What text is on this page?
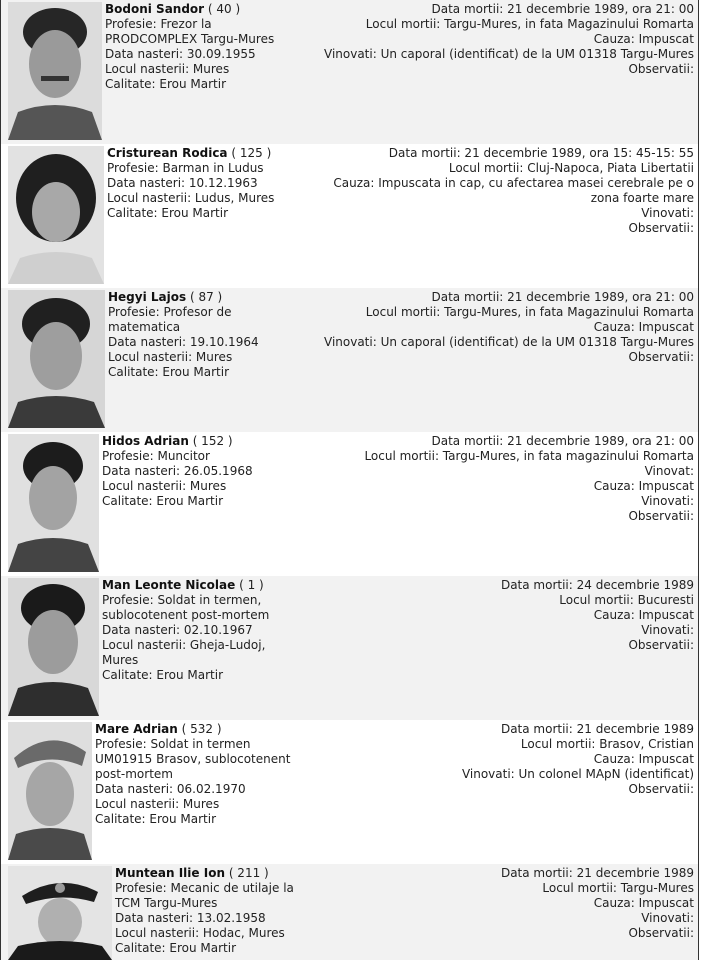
Bodoni Sandor ( 40 )
Profesie: Frezor la
PRODCOMPLEX Targu-Mures
Data nasteri: 30.09.1955
Locul nasterii: Mures
Calitate: Erou Martir
Data mortii: 21 decembrie 1989, ora 21: 00
Locul mortii: Targu-Mures, in fata Magazinului Romarta
Cauza: Impuscat
Vinovati: Un caporal (identificat) de la UM 01318 Targu-Mures
Observatii:
Cristurean Rodica ( 125 )
Profesie: Barman in Ludus
Data nasteri: 10.12.1963
Locul nasterii: Ludus, Mures
Calitate: Erou Martir
Data mortii: 21 decembrie 1989, ora 15: 45-15: 55
Locul mortii: Cluj-Napoca, Piata Libertatii
Cauza: Impuscata in cap, cu afectarea masei cerebrale pe o
zona foarte mare
Vinovati:
Observatii:
Hegyi Lajos ( 87 )
Profesie: Profesor de
matematica
Data nasteri: 19.10.1964
Locul nasterii: Mures
Calitate: Erou Martir
Data mortii: 21 decembrie 1989, ora 21: 00
Locul mortii: Targu-Mures, in fata Magazinului Romarta
Cauza: Impuscat
Vinovati: Un caporal (identificat) de la UM 01318 Targu-Mures
Observatii:
Hidos Adrian ( 152 )
Profesie: Muncitor
Data nasteri: 26.05.1968
Locul nasterii: Mures
Calitate: Erou Martir
Data mortii: 21 decembrie 1989, ora 21: 00
Locul mortii: Targu-Mures, in fata magazinului Romarta
Vinovat:
Cauza: Impuscat
Vinovati:
Observatii:
Man Leonte Nicolae ( 1 )
Profesie: Soldat in termen,
sublocotenent post-mortem
Data nasteri: 02.10.1967
Locul nasterii: Gheja-Ludoj,
Mures
Calitate: Erou Martir
Data mortii: 24 decembrie 1989
Locul mortii: Bucuresti
Cauza: Impuscat
Vinovati:
Observatii:
Mare Adrian ( 532 )
Profesie: Soldat in termen
UM01915 Brasov, sublocotenent
post-mortem
Data nasteri: 06.02.1970
Locul nasterii: Mures
Calitate: Erou Martir
Data mortii: 21 decembrie 1989
Locul mortii: Brasov, Cristian
Cauza: Impuscat
Vinovati: Un colonel MApN (identificat)
Observatii:
Muntean Ilie Ion ( 211 )
Profesie: Mecanic de utilaje la
TCM Targu-Mures
Data nasteri: 13.02.1958
Locul nasterii: Hodac, Mures
Calitate: Erou Martir
Data mortii: 21 decembrie 1989
Locul mortii: Targu-Mures
Cauza: Impuscat
Vinovati:
Observatii:
